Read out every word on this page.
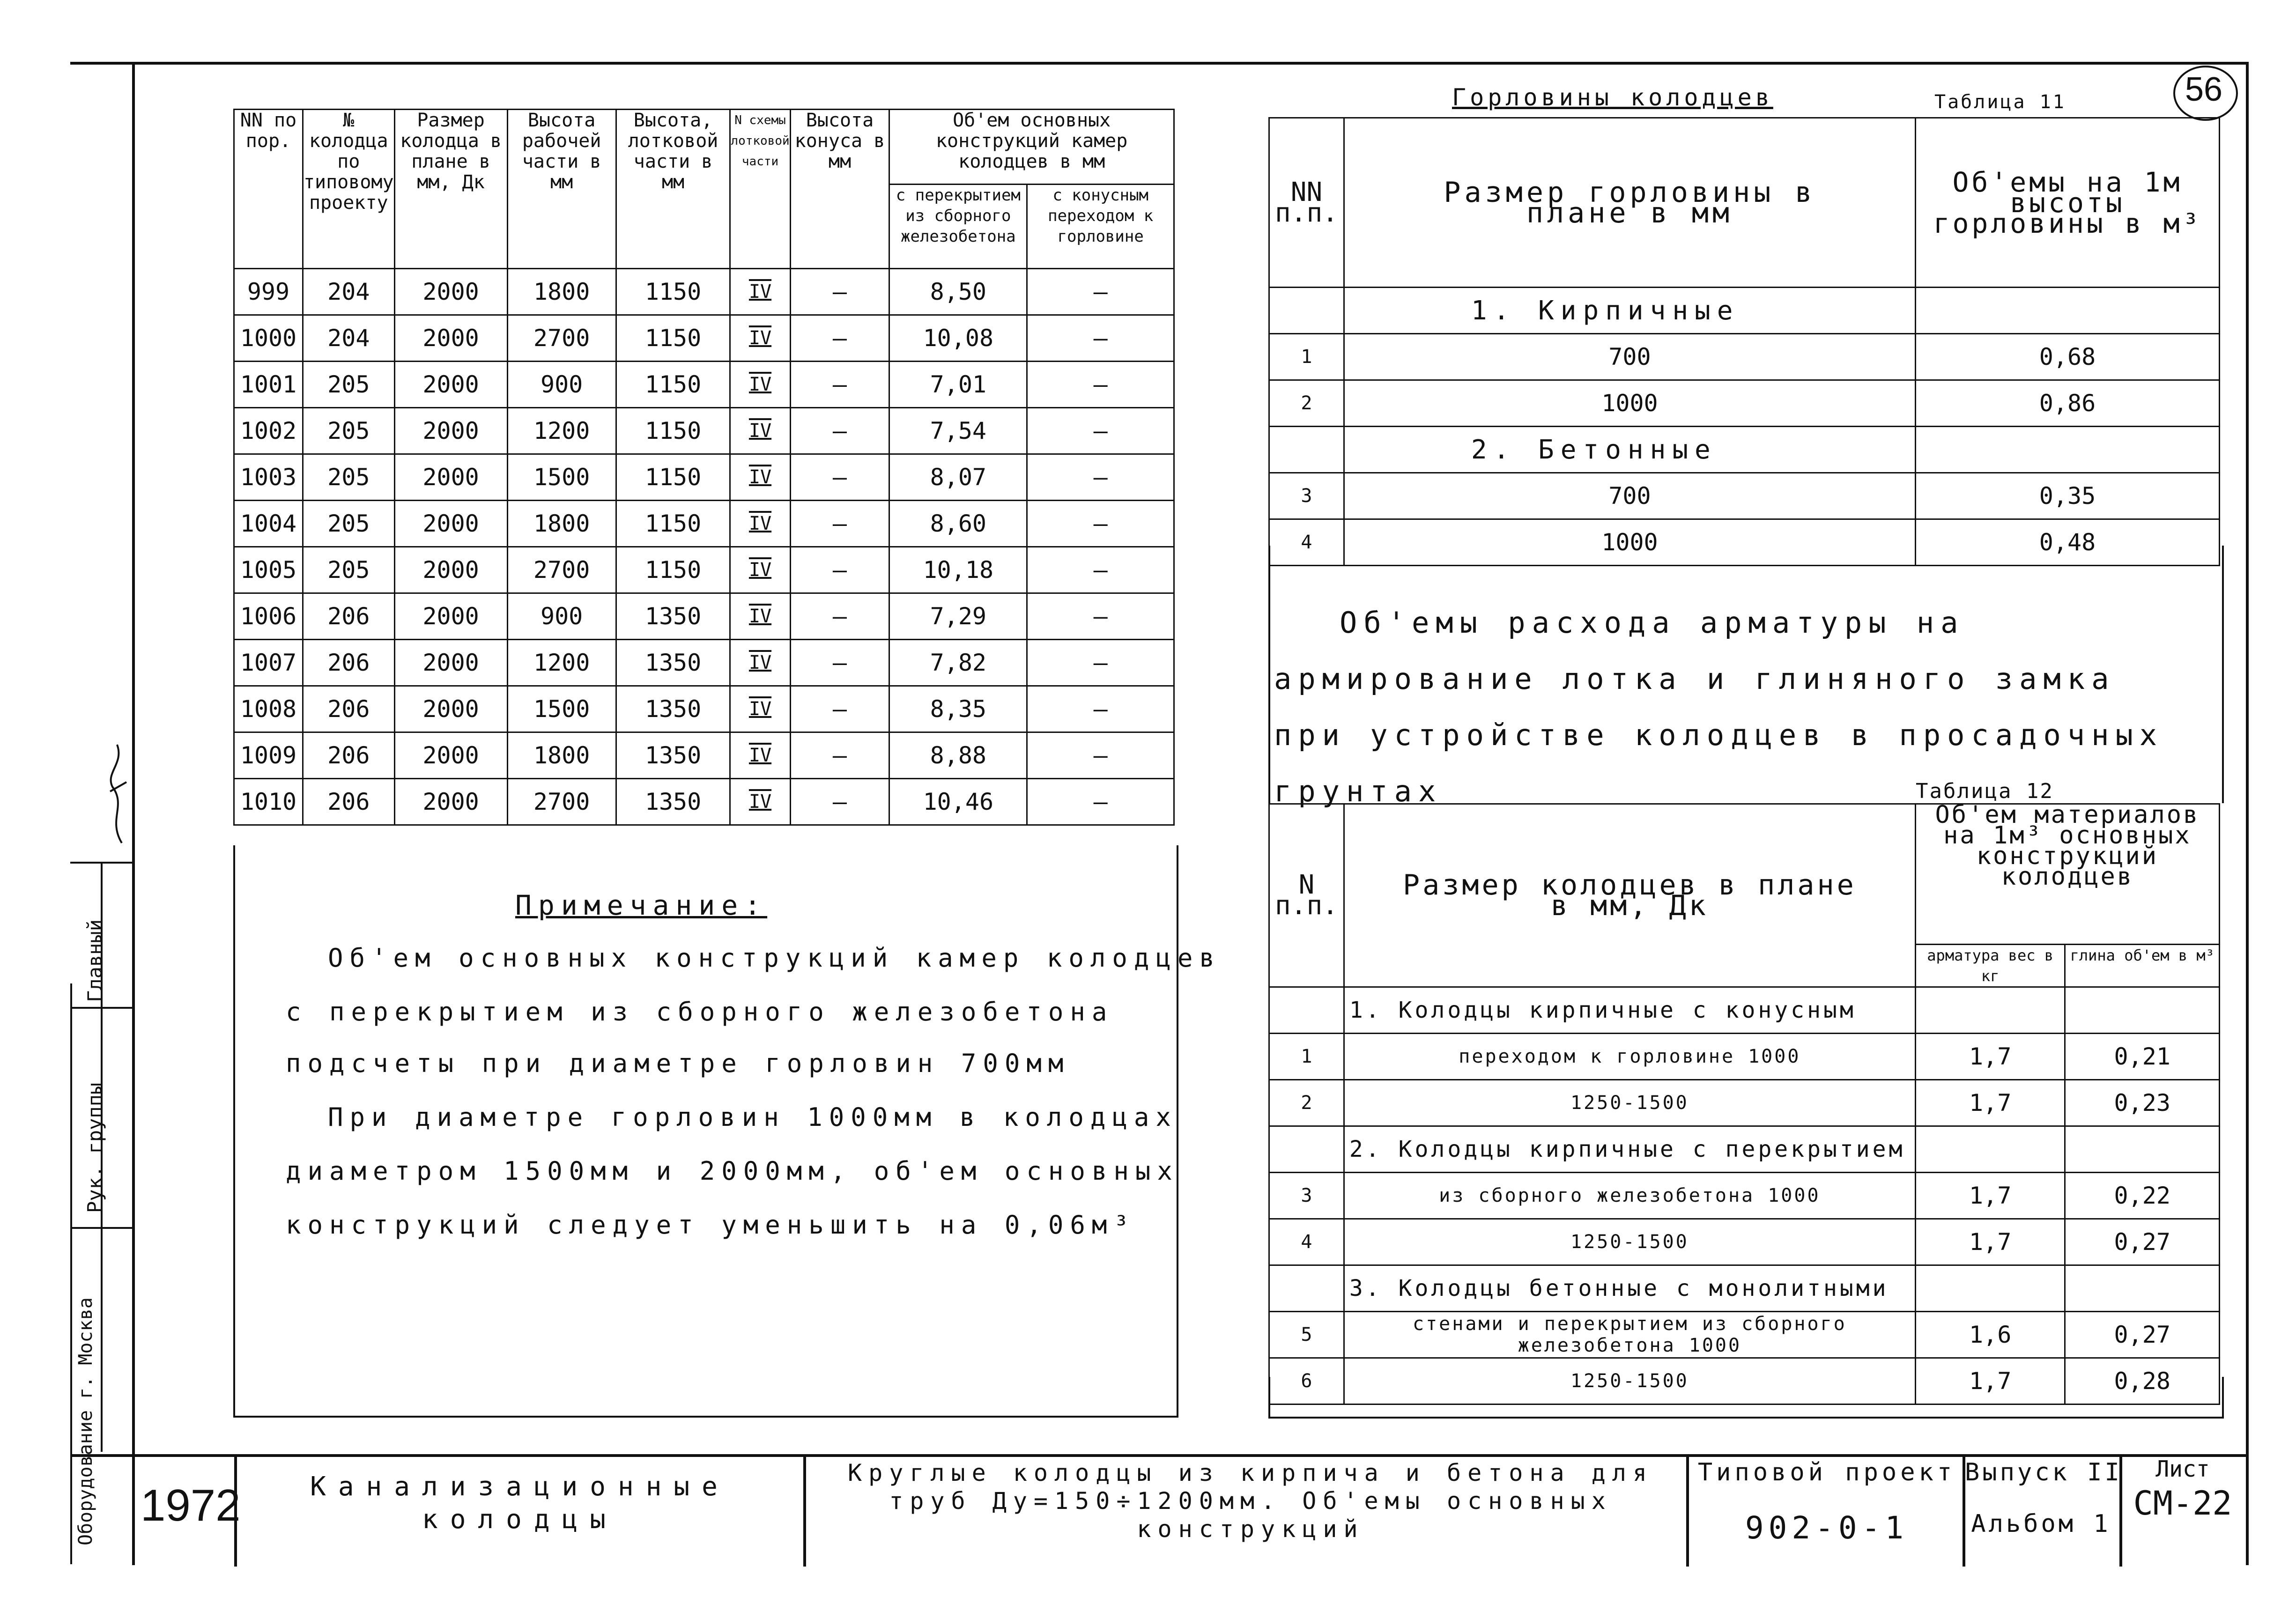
56
Главный
Рук. группы
Оборудование г. Москва
NN по пор.	№ колодца по типовому проекту	Размер колодца в плане в мм, Дк	Высота рабочей части в мм	Высота, лотковой части в мм	N схемы лотковой части	Высота конуса в мм	Об'ем основных конструкций камер колодцев в мм	
							с перекрытием из сборного железобетона	с конусным переходом к горловине
999	204	2000	1800	1150	IV	—	8,50	—
1000	204	2000	2700	1150	IV	—	10,08	—
1001	205	2000	900	1150	IV	—	7,01	—
1002	205	2000	1200	1150	IV	—	7,54	—
1003	205	2000	1500	1150	IV	—	8,07	—
1004	205	2000	1800	1150	IV	—	8,60	—
1005	205	2000	2700	1150	IV	—	10,18	—
1006	206	2000	900	1350	IV	—	7,29	—
1007	206	2000	1200	1350	IV	—	7,82	—
1008	206	2000	1500	1350	IV	—	8,35	—
1009	206	2000	1800	1350	IV	—	8,88	—
1010	206	2000	2700	1350	IV	—	10,46	—
Примечание:
Об'ем основных конструкций камер колодцев
с перекрытием из сборного железобетона
подсчеты при диаметре горловин 700мм
При диаметре горловин 1000мм в колодцах
диаметром 1500мм и 2000мм, об'ем основных
конструкций следует уменьшить на 0,06м³
Горловины колодцев	Таблица 11
NN п.п.	Размер горловины в плане в мм	Об'емы на 1м высоты горловины в м³
	1. Кирпичные	
1	700	0,68
2	1000	0,86
	2. Бетонные	
3	700	0,35
4	1000	0,48
Об'емы расхода арматуры на армирование лотка и глиняного замка при устройстве колодцев в просадочных грунтах	Таблица 12
N п.п.	Размер колодцев в плане в мм, Дк	Об'ем материалов на 1м³ основных конструкций колодцев	
		арматура вес в кг	глина об'ем в м³
	1. Колодцы кирпичные с конусным		
1	переходом к горловине 1000	1,7	0,21
2	1250-1500	1,7	0,23
	2. Колодцы кирпичные с перекрытием		
3	из сборного железобетона 1000	1,7	0,22
4	1250-1500	1,7	0,27
	3. Колодцы бетонные с монолитными		
5	стенами и перекрытием из сборного железобетона 1000	1,6	0,27
6	1250-1500	1,7	0,28
1972	Канализационные колодцы
Круглые колодцы из кирпича и бетона для труб Ду=150÷1200мм. Об'емы основных конструкций
Типовой проект
902-0-1
Выпуск II
Альбом 1
Лист
СМ-22
